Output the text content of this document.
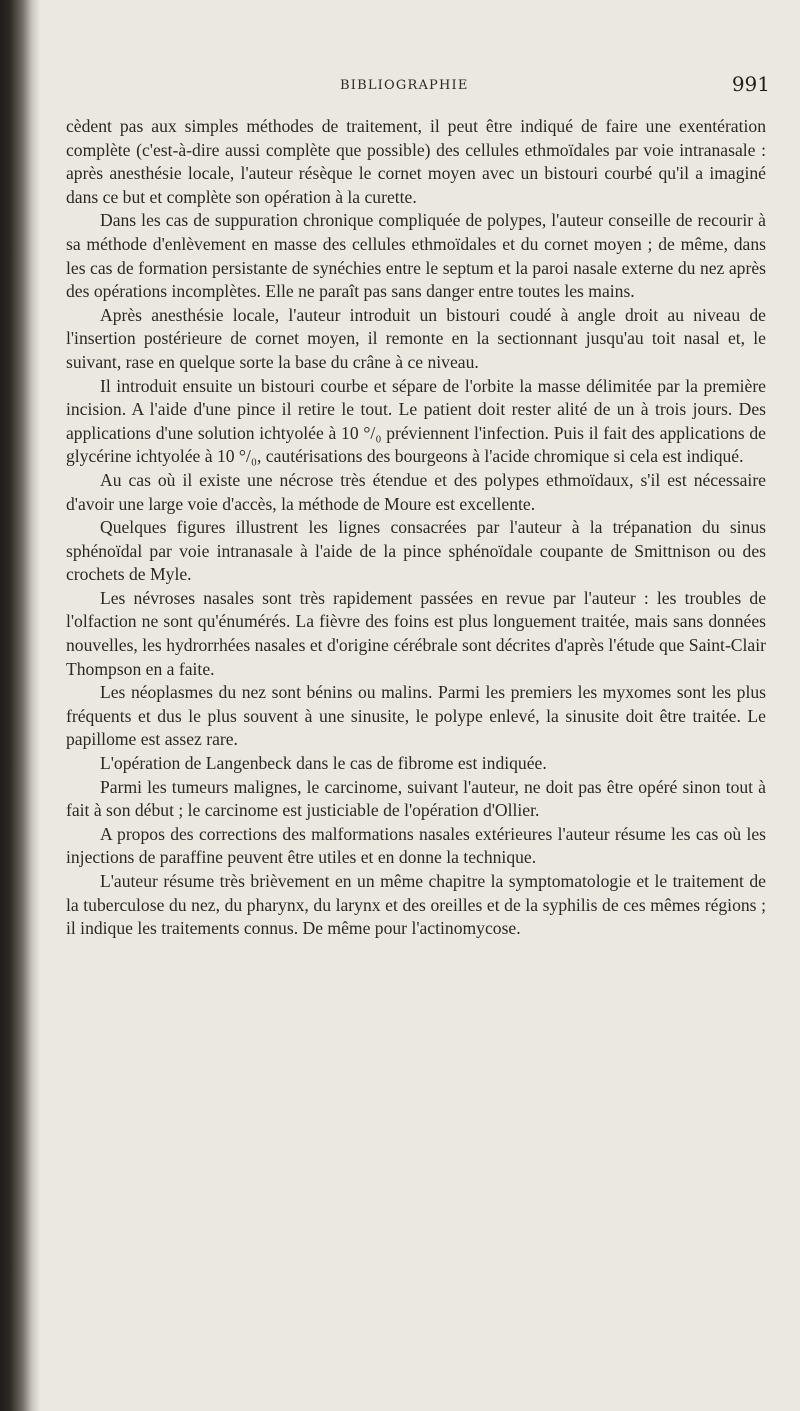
BIBLIOGRAPHIE	991

cèdent pas aux simples méthodes de traitement, il peut être indiqué de faire une exentération complète (c'est-à-dire aussi complète que possible) des cellules ethmoïdales par voie intranasale : après anesthésie locale, l'auteur résèque le cornet moyen avec un bistouri courbé qu'il a imaginé dans ce but et complète son opération à la curette.

Dans les cas de suppuration chronique compliquée de polypes, l'auteur conseille de recourir à sa méthode d'enlèvement en masse des cellules ethmoïdales et du cornet moyen ; de même, dans les cas de formation persistante de synéchies entre le septum et la paroi nasale externe du nez après des opérations incomplètes. Elle ne paraît pas sans danger entre toutes les mains.

Après anesthésie locale, l'auteur introduit un bistouri coudé à angle droit au niveau de l'insertion postérieure de cornet moyen, il remonte en la sectionnant jusqu'au toit nasal et, le suivant, rase en quelque sorte la base du crâne à ce niveau.

Il introduit ensuite un bistouri courbe et sépare de l'orbite la masse délimitée par la première incision. A l'aide d'une pince il retire le tout. Le patient doit rester alité de un à trois jours. Des applications d'une solution ichtyolée à 10 °/₀ préviennent l'infection. Puis il fait des applications de glycérine ichtyolée à 10 °/₀, cautérisations des bourgeons à l'acide chromique si cela est indiqué.

Au cas où il existe une nécrose très étendue et des polypes ethmoïdaux, s'il est nécessaire d'avoir une large voie d'accès, la méthode de Moure est excellente.

Quelques figures illustrent les lignes consacrées par l'auteur à la trépanation du sinus sphénoïdal par voie intranasale à l'aide de la pince sphénoïdale coupante de Smittnison ou des crochets de Myle.

Les névroses nasales sont très rapidement passées en revue par l'auteur : les troubles de l'olfaction ne sont qu'énumérés. La fièvre des foins est plus longuement traitée, mais sans données nouvelles, les hydrorrhées nasales et d'origine cérébrale sont décrites d'après l'étude que Saint-Clair Thompson en a faite.

Les néoplasmes du nez sont bénins ou malins. Parmi les premiers les myxomes sont les plus fréquents et dus le plus souvent à une sinusite, le polype enlevé, la sinusite doit être traitée. Le papillome est assez rare.

L'opération de Langenbeck dans le cas de fibrome est indiquée.

Parmi les tumeurs malignes, le carcinome, suivant l'auteur, ne doit pas être opéré sinon tout à fait à son début ; le carcinome est justiciable de l'opération d'Ollier.

A propos des corrections des malformations nasales extérieures l'auteur résume les cas où les injections de paraffine peuvent être utiles et en donne la technique.

L'auteur résume très brièvement en un même chapitre la symptomatologie et le traitement de la tuberculose du nez, du pharynx, du larynx et des oreilles et de la syphilis de ces mêmes régions ; il indique les traitements connus. De même pour l'actinomycose.
